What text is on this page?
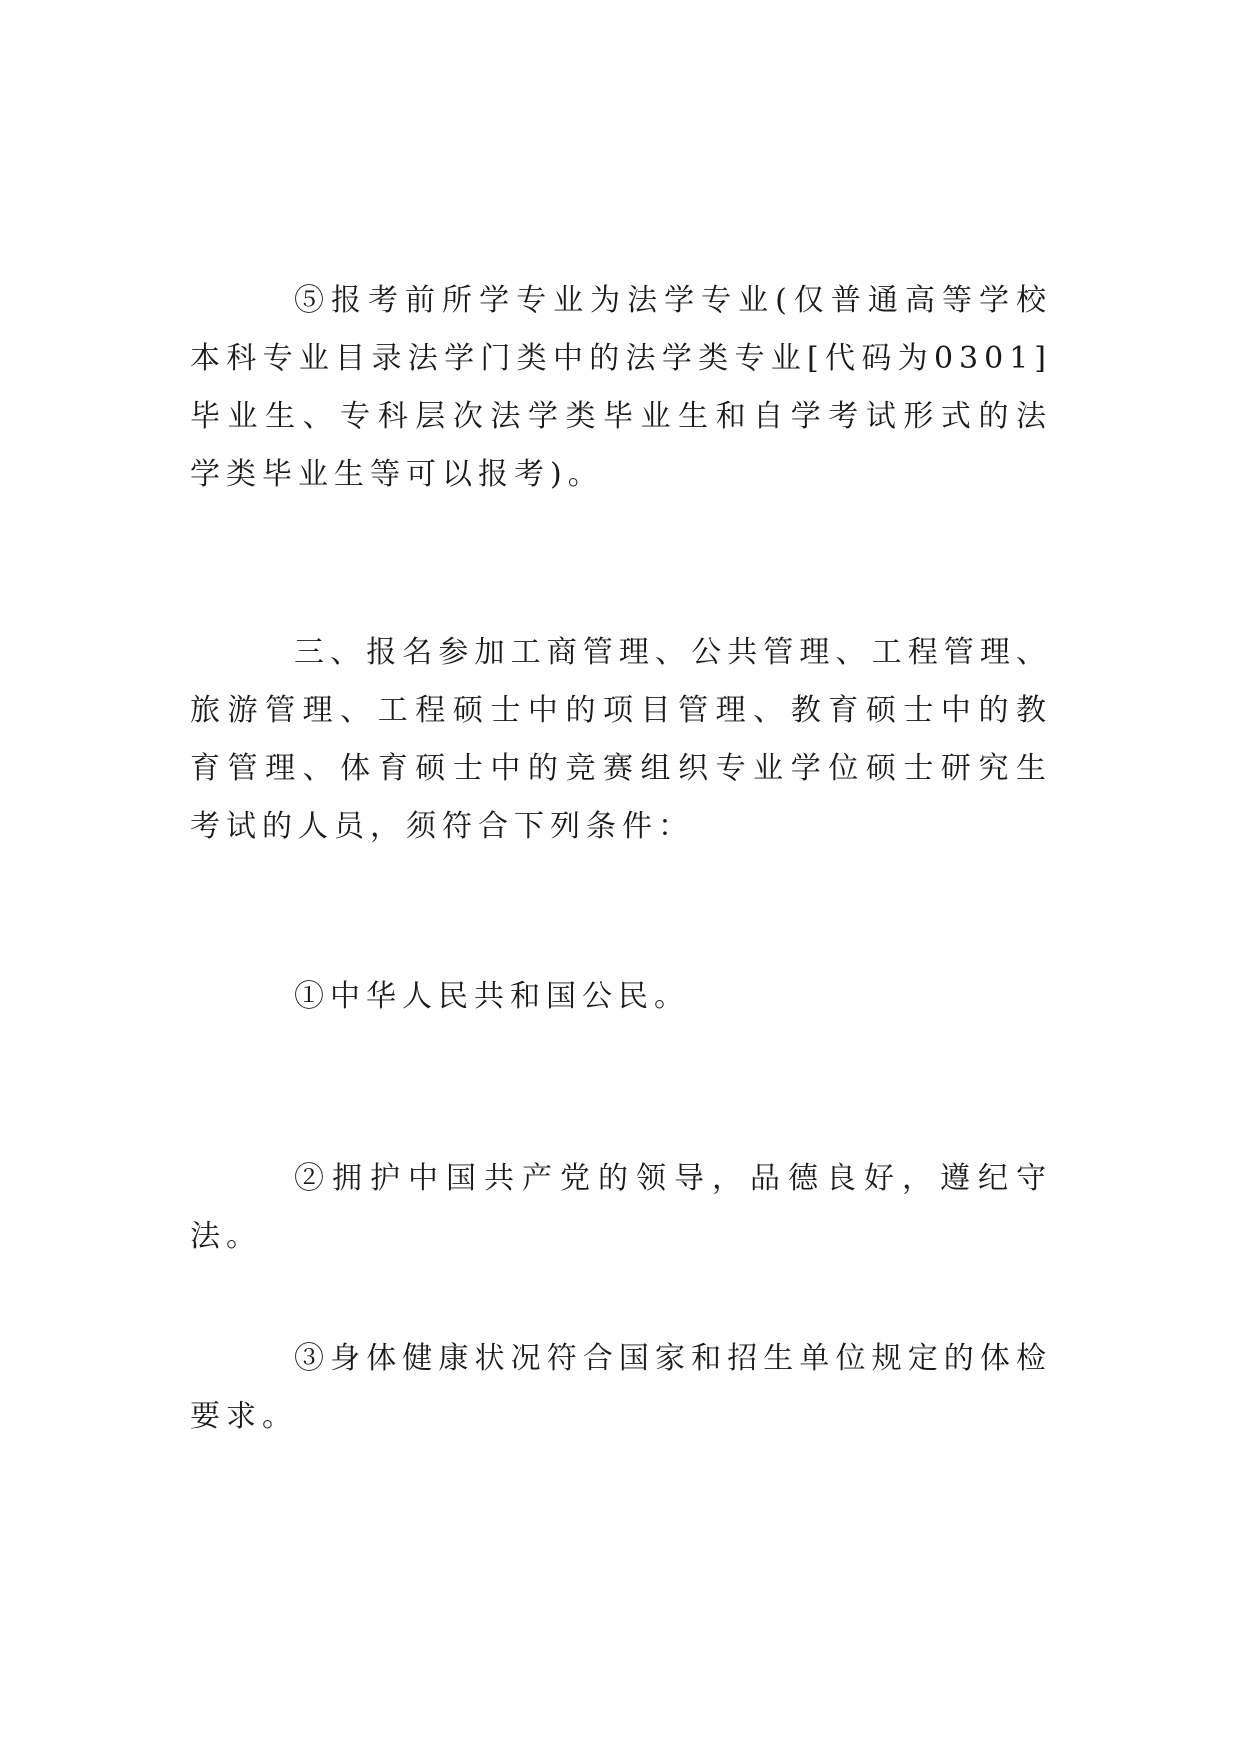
⑤报考前所学专业为法学专业(仅普通高等学校本科专业目录法学门类中的法学类专业[代码为0301]毕业生、专科层次法学类毕业生和自学考试形式的法学类毕业生等可以报考)。

三、报名参加工商管理、公共管理、工程管理、旅游管理、工程硕士中的项目管理、教育硕士中的教育管理、体育硕士中的竞赛组织专业学位硕士研究生考试的人员，须符合下列条件：

①中华人民共和国公民。

②拥护中国共产党的领导，品德良好，遵纪守法。

③身体健康状况符合国家和招生单位规定的体检要求。
